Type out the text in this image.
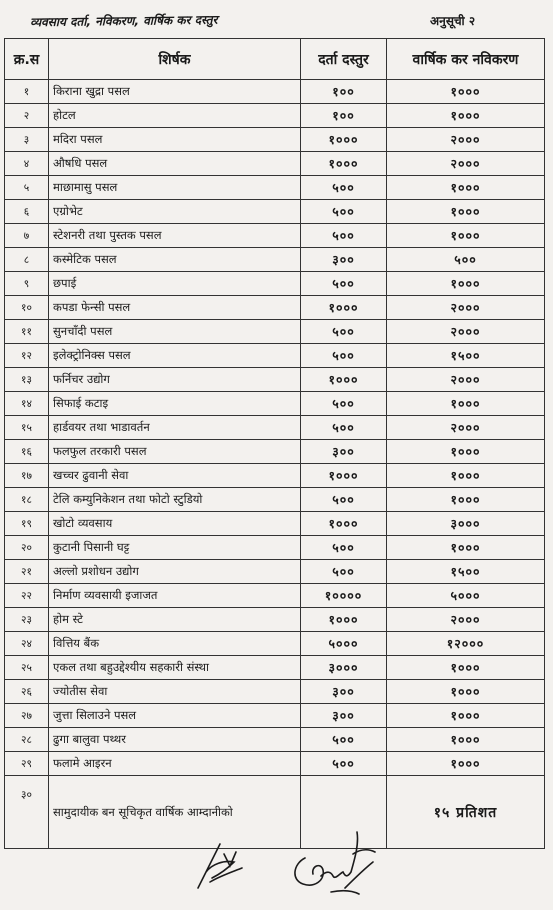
व्यवसाय दर्ता, नविकरण, वार्षिक कर दस्तुर	अनुसूची २
क्र.स	शिर्षक	दर्ता दस्तुर	वार्षिक कर नविकरण
१	किराना खुद्रा पसल	१००	१०००
२	होटल	१००	१०००
३	मदिरा पसल	१०००	२०००
४	औषधि पसल	१०००	२०००
५	माछामासु पसल	५००	१०००
६	एग्रोभेट	५००	१०००
७	स्टेशनरी तथा पुस्तक पसल	५००	१०००
८	कस्मेटिक पसल	३००	५००
९	छपाई	५००	१०००
१०	कपडा फेन्सी पसल	१०००	२०००
११	सुनचाँदी पसल	५००	२०००
१२	इलेक्ट्रोनिक्स पसल	५००	१५००
१३	फर्निचर उद्योग	१०००	२०००
१४	सिफाई कटाइ	५००	१०००
१५	हार्डवयर तथा भाडावर्तन	५००	२०००
१६	फलफुल तरकारी पसल	३००	१०००
१७	खच्चर ढुवानी सेवा	१०००	१०००
१८	टेलि कम्युनिकेशन तथा फोटो स्टुडियो	५००	१०००
१९	खोटो व्यवसाय	१०००	३०००
२०	कुटानी पिसानी घट्ट	५००	१०००
२१	अल्लो प्रशोधन उद्योग	५००	१५००
२२	निर्माण व्यवसायी इजाजत	१००००	५०००
२३	होम स्टे	१०००	२०००
२४	वित्तिय बैंक	५०००	१२०००
२५	एकल तथा बहुउद्देश्यीय सहकारी संस्था	३०००	१०००
२६	ज्योतीस सेवा	३००	१०००
२७	जुत्ता सिलाउने पसल	३००	१०००
२८	ढुगा बालुवा पथ्थर	५००	१०००
२९	फलामे आइरन	५००	१०००
३०	सामुदायीक बन सूचिकृत वार्षिक आम्दानीको		१५ प्रतिशत
